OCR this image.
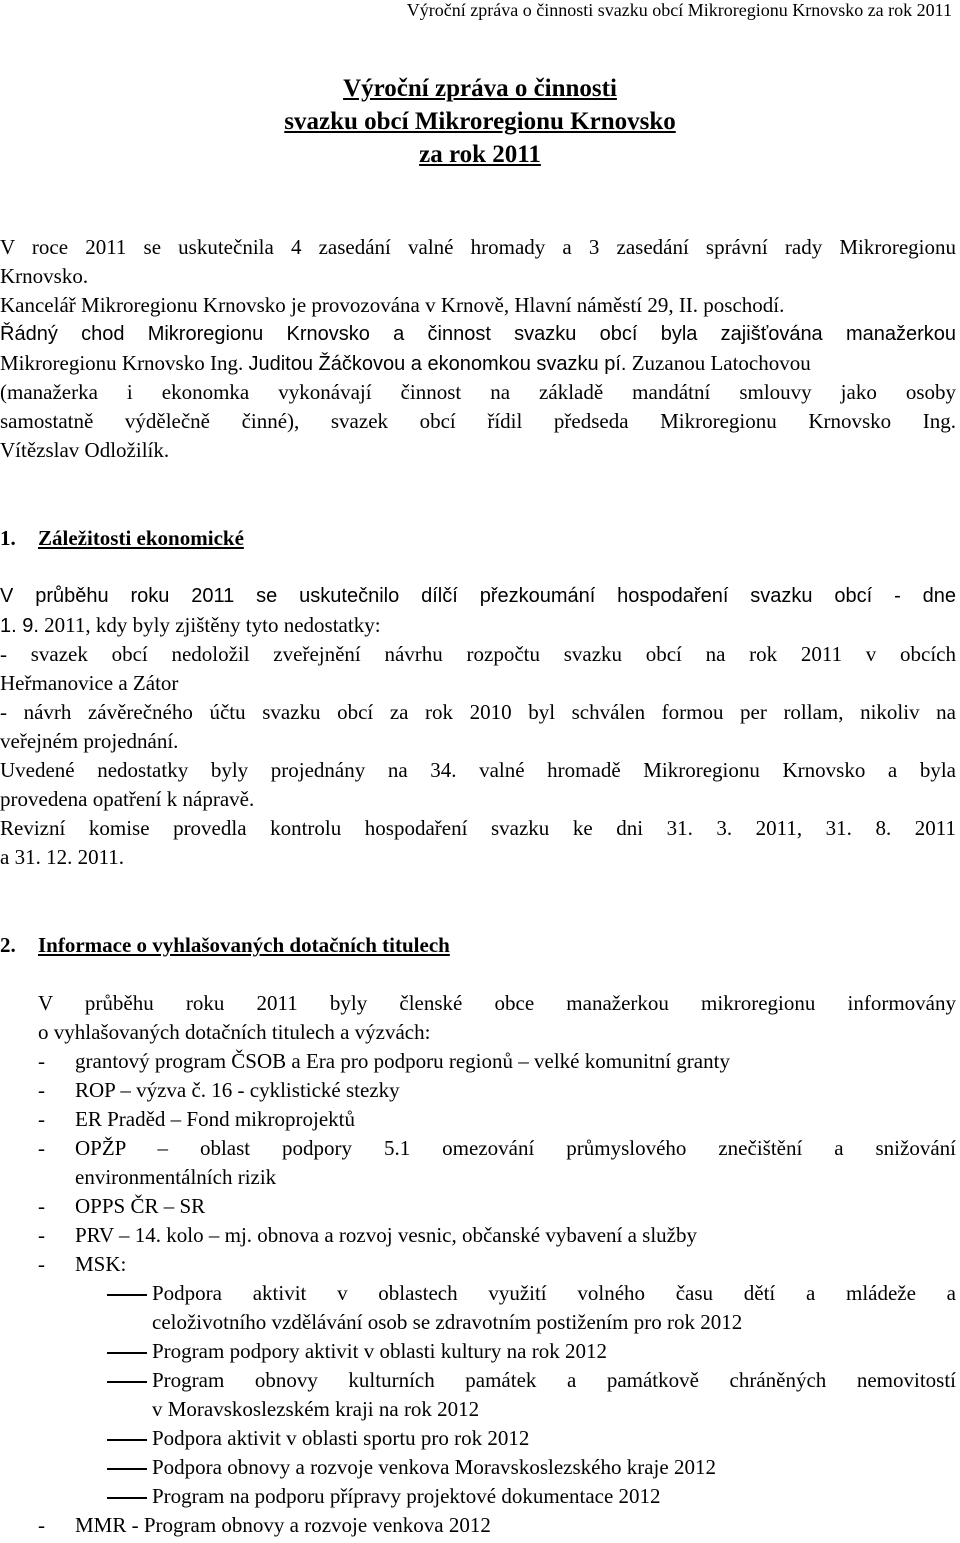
Výroční zpráva o činnosti svazku obcí Mikroregionu Krnovsko za rok 2011
Výroční zpráva o činnosti
svazku obcí Mikroregionu Krnovsko
za rok 2011
V roce 2011 se uskutečnila 4 zasedání valné hromady a 3 zasedání správní rady Mikroregionu
Krnovsko.
Kancelář Mikroregionu Krnovsko je provozována v Krnově, Hlavní náměstí 29, II. poschodí.
Řádný chod Mikroregionu Krnovsko a činnost svazku obcí byla zajišťována manažerkou
Mikroregionu Krnovsko Ing. Juditou Žáčkovou a ekonomkou svazku pí. Zuzanou Latochovou
(manažerka i ekonomka vykonávají činnost na základě mandátní smlouvy jako osoby
samostatně výdělečně činné), svazek obcí řídil předseda Mikroregionu Krnovsko Ing.
Vítězslav Odložilík.
1. Záležitosti ekonomické
V průběhu roku 2011 se uskutečnilo dílčí přezkoumání hospodaření svazku obcí - dne
1. 9. 2011, kdy byly zjištěny tyto nedostatky:
- svazek obcí nedoložil zveřejnění návrhu rozpočtu svazku obcí na rok 2011 v obcích
Heřmanovice a Zátor
- návrh závěrečného účtu svazku obcí za rok 2010 byl schválen formou per rollam, nikoliv na
veřejném projednání.
Uvedené nedostatky byly projednány na 34. valné hromadě Mikroregionu Krnovsko a byla
provedena opatření k nápravě.
Revizní komise provedla kontrolu hospodaření svazku ke dni 31. 3. 2011, 31. 8. 2011
a 31. 12. 2011.
2. Informace o vyhlašovaných dotačních titulech
V průběhu roku 2011 byly členské obce manažerkou mikroregionu informovány
o vyhlašovaných dotačních titulech a výzvách:
- grantový program ČSOB a Era pro podporu regionů – velké komunitní granty
- ROP – výzva č. 16 - cyklistické stezky
- ER Praděd – Fond mikroprojektů
- OPŽP – oblast podpory 5.1 omezování průmyslového znečištění a snižování
environmentálních rizik
- OPPS ČR – SR
- PRV – 14. kolo – mj. obnova a rozvoj vesnic, občanské vybavení a služby
- MSK:
Podpora aktivit v oblastech využití volného času dětí a mládeže a
celoživotního vzdělávání osob se zdravotním postižením pro rok 2012
Program podpory aktivit v oblasti kultury na rok 2012
Program obnovy kulturních památek a památkově chráněných nemovitostí
v Moravskoslezském kraji na rok 2012
Podpora aktivit v oblasti sportu pro rok 2012
Podpora obnovy a rozvoje venkova Moravskoslezského kraje 2012
Program na podporu přípravy projektové dokumentace 2012
- MMR - Program obnovy a rozvoje venkova 2012
